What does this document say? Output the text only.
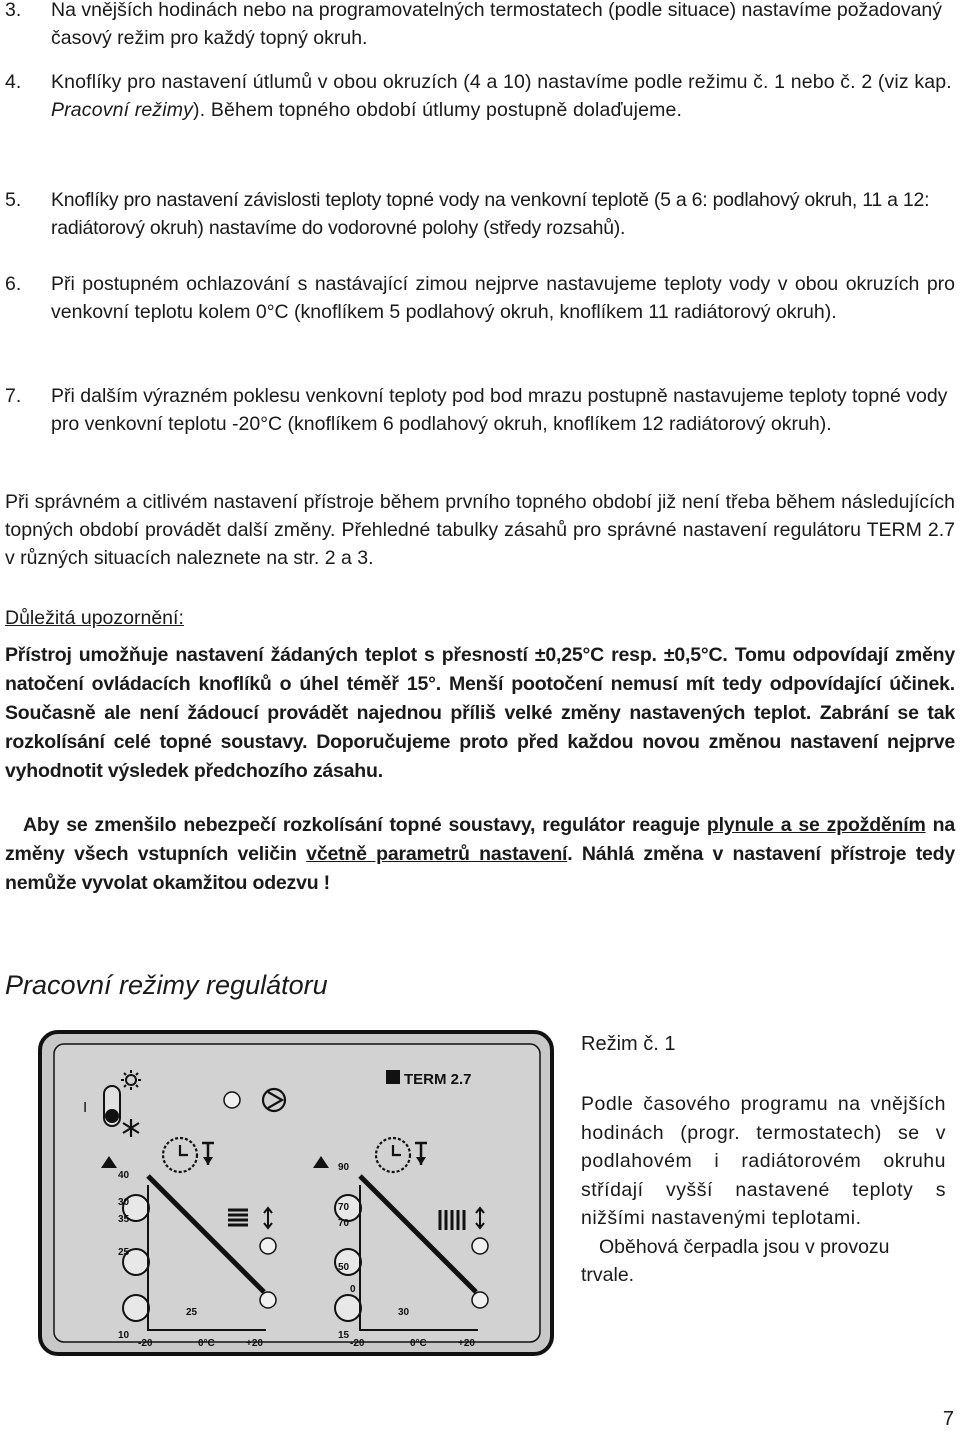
3.	Na vnějších hodinách nebo na programovatelných termostatech (podle situace) nastavíme požadovaný časový režim pro každý topný okruh.
4.	Knoflíky pro nastavení útlumů v obou okruzích (4 a 10) nastavíme podle režimu č. 1 nebo č. 2 (viz kap. Pracovní režimy). Během topného období útlumy postupně dolaďujeme.
5.	Knoflíky pro nastavení závislosti teploty topné vody na venkovní teplotě (5 a 6: podlahový okruh, 11 a 12: radiátorový okruh) nastavíme do vodorovné polohy (středy rozsahů).
6.	Při postupném ochlazování s nastávající zimou nejprve nastavujeme teploty vody v obou okruzích pro venkovní teplotu kolem 0°C (knoflíkem 5 podlahový okruh, knoflíkem 11 radiátorový okruh).
7.	Při dalším výrazném poklesu venkovní teploty pod bod mrazu postupně nastavujeme teploty topné vody pro venkovní teplotu -20°C (knoflíkem 6 podlahový okruh, knoflíkem 12 radiátorový okruh).

Při správném a citlivém nastavení přístroje během prvního topného období již není třeba během následujících topných období provádět další změny. Přehledné tabulky zásahů pro správné nastavení regulátoru TERM 2.7 v různých situacích naleznete na str. 2 a 3.

Důležitá upozornění:

Přístroj umožňuje nastavení žádaných teplot s přesností ±0,25°C resp. ±0,5°C. Tomu odpovídají změny natočení ovládacích knoflíků o úhel téměř 15°. Menší pootočení nemusí mít tedy odpovídající účinek. Současně ale není žádoucí provádět najednou příliš velké změny nastavených teplot. Zabrání se tak rozkolísání celé topné soustavy. Doporučujeme proto před každou novou změnou nastavení nejprve vyhodnotit výsledek předchozího zásahu.

Aby se zmenšilo nebezpečí rozkolísání topné soustavy, regulátor reaguje plynule a se zpožděním na změny všech vstupních veličin včetně parametrů nastavení. Náhlá změna v nastavení přístroje tedy nemůže vyvolat okamžitou odezvu !

Pracovní režimy regulátoru
TERM 2.7
I
40
30
35
25
10
-20	0°C	+20
25
90
70
70
50
15
0
-20	0°C	+20
30
Režim č. 1
Podle časového programu na vnějších hodinách (progr. termostatech) se v podlahovém i radiátorovém okruhu střídají vyšší nastavené teploty s nižšími nastavenými teplotami.
Oběhová čerpadla jsou v provozu trvale.
7
